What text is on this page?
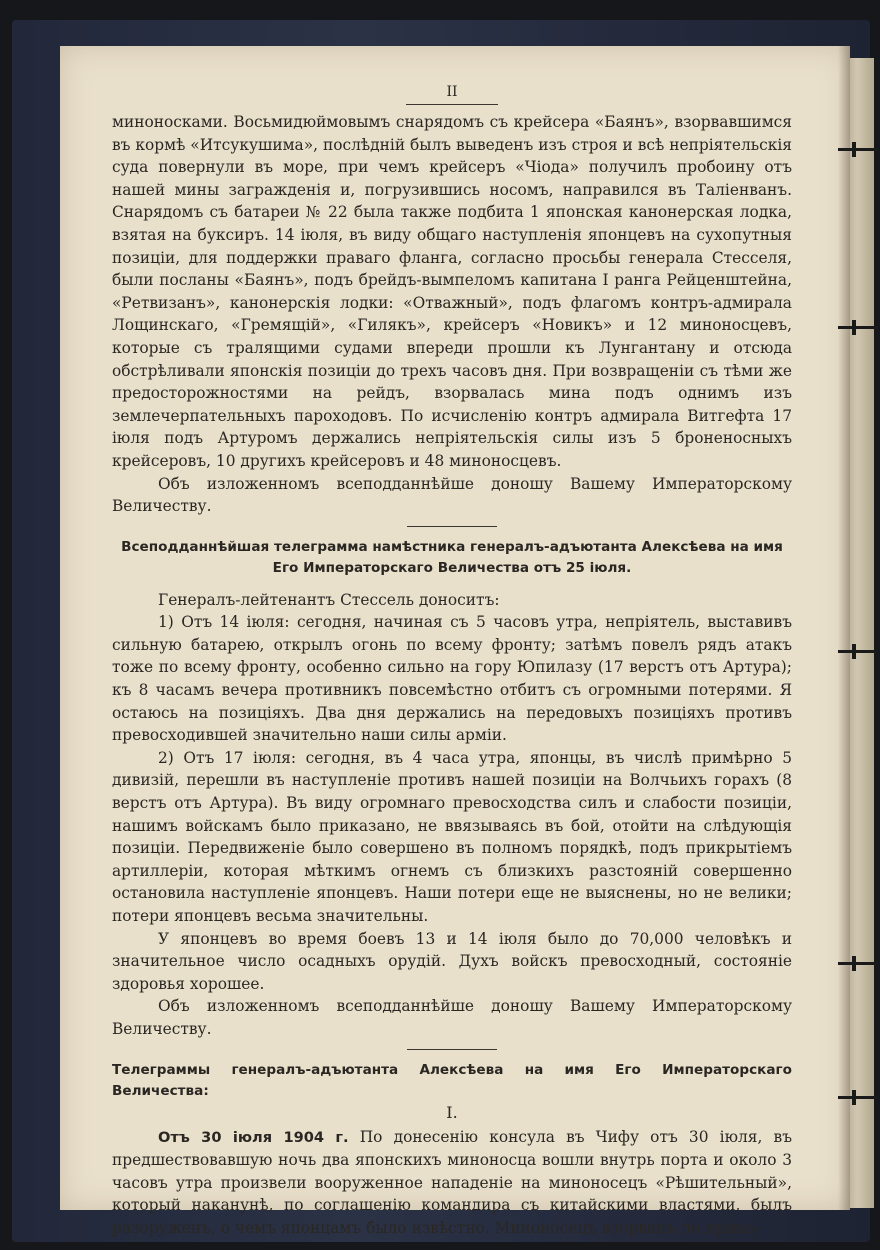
II

миноносками. Восьмидюймовымъ снарядомъ съ крейсера «Баянъ», взорвавшимся въ кормѣ «Итсукушима», послѣдній былъ выведенъ изъ строя и всѣ непріятельскія суда повернули въ море, при чемъ крейсеръ «Чіода» получилъ пробоину отъ нашей мины загражденія и, погрузившись носомъ, направился въ Таліенванъ. Снарядомъ съ батареи № 22 была также подбита 1 японская канонерская лодка, взятая на буксиръ. 14 іюля, въ виду общаго наступленія японцевъ на сухопутныя позиціи, для поддержки праваго фланга, согласно просьбы генерала Стесселя, были посланы «Баянъ», подъ брейдъ-вымпеломъ капитана I ранга Рейценштейна, «Ретвизанъ», канонерскія лодки: «Отважный», подъ флагомъ контръ-адмирала Лощинскаго, «Гремящій», «Гилякъ», крейсеръ «Новикъ» и 12 миноносцевъ, которые съ тралящими судами впереди прошли къ Лунгантану и отсюда обстрѣливали японскія позиціи до трехъ часовъ дня. При возвращеніи съ тѣми же предосторожностями на рейдъ, взорвалась мина подъ однимъ изъ землечерпательныхъ пароходовъ. По исчисленію контръ адмирала Витгефта 17 іюля подъ Артуромъ держались непріятельскія силы изъ 5 броненосныхъ крейсеровъ, 10 другихъ крейсеровъ и 48 миноносцевъ.

Объ изложенномъ всеподданнѣйше доношу Вашему Императорскому Величеству.

Всеподданнѣйшая телеграмма намѣстника генералъ-адъютанта Алексѣева на имя Его Императорскаго Величества отъ 25 іюля.

Генералъ-лейтенантъ Стессель доноситъ:

1) Отъ 14 іюля: сегодня, начиная съ 5 часовъ утра, непріятель, выставивъ сильную батарею, открылъ огонь по всему фронту; затѣмъ повелъ рядъ атакъ тоже по всему фронту, особенно сильно на гору Юпилазу (17 верстъ отъ Артура); къ 8 часамъ вечера противникъ повсемѣстно отбитъ съ огромными потерями. Я остаюсь на позиціяхъ. Два дня держались на передовыхъ позиціяхъ противъ превосходившей значительно наши силы арміи.

2) Отъ 17 іюля: сегодня, въ 4 часа утра, японцы, въ числѣ примѣрно 5 дивизій, перешли въ наступленіе противъ нашей позиціи на Волчьихъ горахъ (8 верстъ отъ Артура). Въ виду огромнаго превосходства силъ и слабости позиціи, нашимъ войскамъ было приказано, не ввязываясь въ бой, отойти на слѣдующія позиціи. Передвиженіе было совершено въ полномъ порядкѣ, подъ прикрытіемъ артиллеріи, которая мѣткимъ огнемъ съ близкихъ разстояній совершенно остановила наступленіе японцевъ. Наши потери еще не выяснены, но не велики; потери японцевъ весьма значительны.

У японцевъ во время боевъ 13 и 14 іюля было до 70,000 человѣкъ и значительное число осадныхъ орудій. Духъ войскъ превосходный, состояніе здоровья хорошее.

Объ изложенномъ всеподданнѣйше доношу Вашему Императорскому Величеству.

Телеграммы генералъ-адъютанта Алексѣева на имя Его Императорскаго Величества:
I.

Отъ 30 іюля 1904 г. По донесенію консула въ Чифу отъ 30 іюля, въ предшествовавшую ночь два японскихъ миноносца вошли внутрь порта и около 3 часовъ утра произвели вооруженное нападеніе на миноносецъ «Рѣшительный», который наканунѣ, по соглашенію командира съ китайскими властями, былъ разоруженъ, о чемъ японцамъ было извѣстно. Миноносецъ взорванъ по прика-
